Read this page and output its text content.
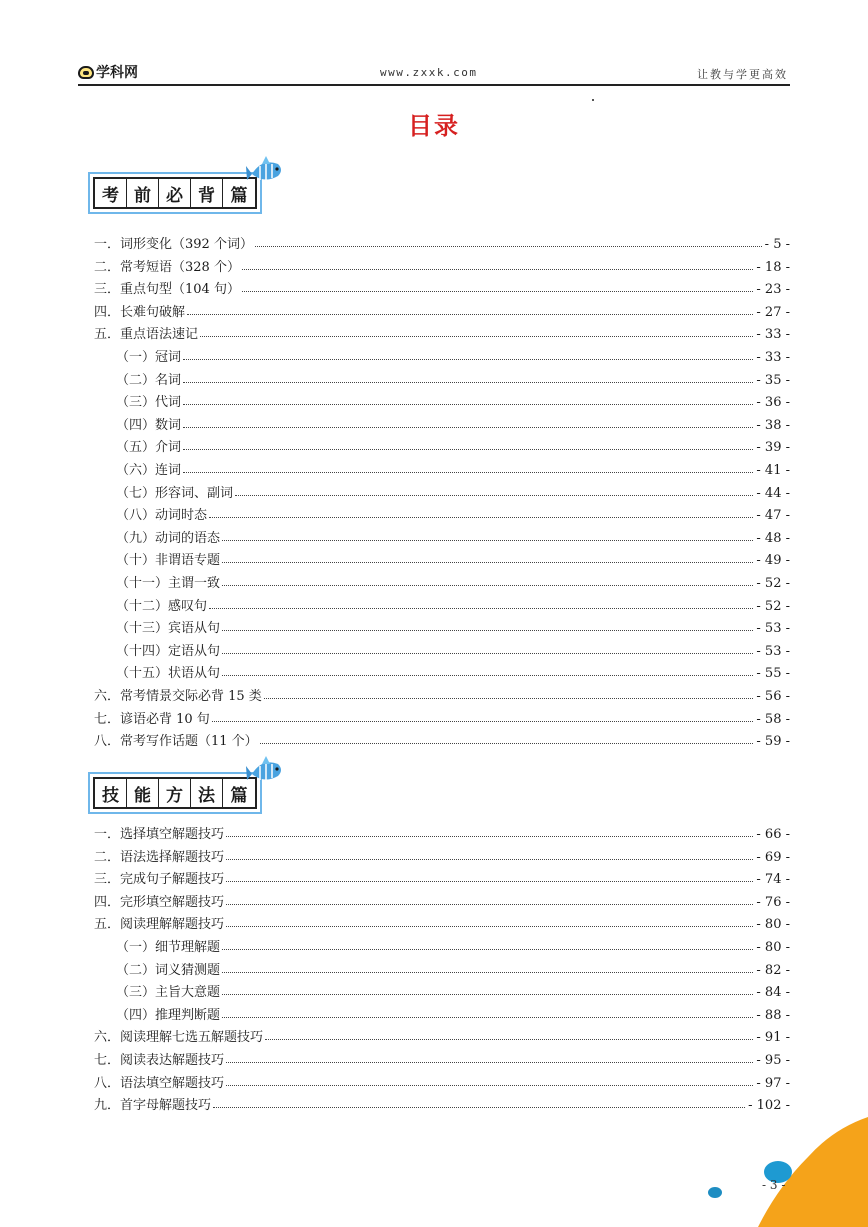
学科网	www.zxxk.com	让教与学更高效
目录
考 前 必 背 篇
一．词形变化（392 个词）	- 5 -
二．常考短语（328 个）	- 18 -
三．重点句型（104 句）	- 23 -
四．长难句破解	- 27 -
五．重点语法速记	- 33 -
（一）冠词	- 33 -
（二）名词	- 35 -
（三）代词	- 36 -
（四）数词	- 38 -
（五）介词	- 39 -
（六）连词	- 41 -
（七）形容词、副词	- 44 -
（八）动词时态	- 47 -
（九）动词的语态	- 48 -
（十）非谓语专题	- 49 -
（十一）主谓一致	- 52 -
（十二）感叹句	- 52 -
（十三）宾语从句	- 53 -
（十四）定语从句	- 53 -
（十五）状语从句	- 55 -
六．常考情景交际必背 15 类	- 56 -
七．谚语必背 10 句	- 58 -
八．常考写作话题（11 个）	- 59 -
技 能 方 法 篇
一．选择填空解题技巧	- 66 -
二．语法选择解题技巧	- 69 -
三．完成句子解题技巧	- 74 -
四．完形填空解题技巧	- 76 -
五．阅读理解解题技巧	- 80 -
（一）细节理解题	- 80 -
（二）词义猜测题	- 82 -
（三）主旨大意题	- 84 -
（四）推理判断题	- 88 -
六．阅读理解七选五解题技巧	- 91 -
七．阅读表达解题技巧	- 95 -
八．语法填空解题技巧	- 97 -
九．首字母解题技巧	- 102 -
- 3 -
